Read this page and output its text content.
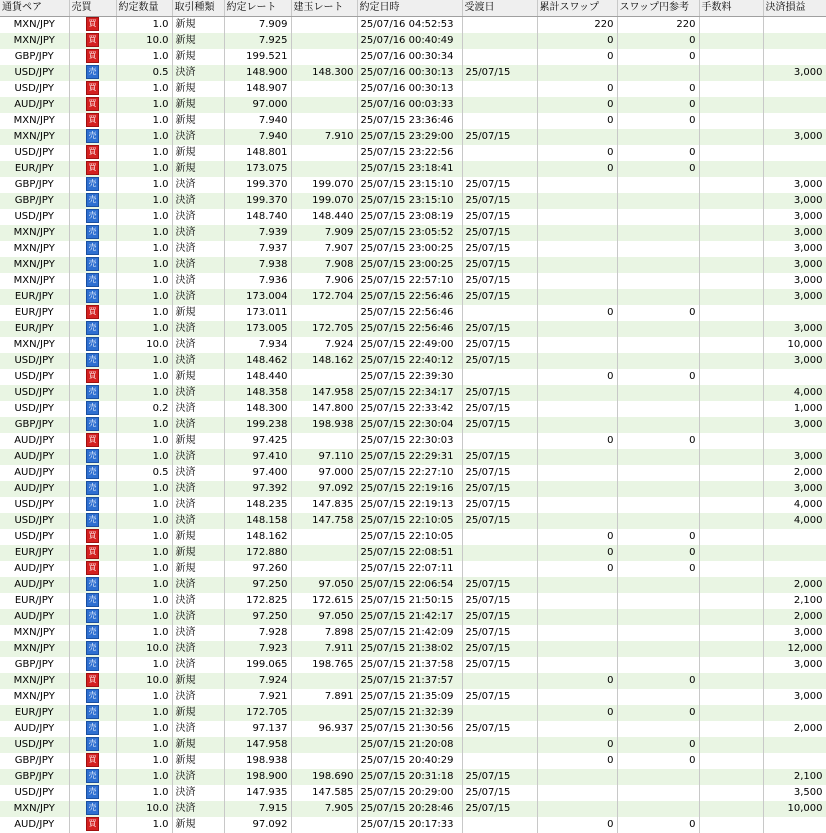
通貨ペア	売買	約定数量	取引種類	約定レート	建玉レート	約定日時	受渡日	累計スワップ	スワップ円参考	手数料	決済損益
MXN/JPY	買	1.0	新規	7.909		25/07/16 04:52:53		220	220		
MXN/JPY	買	10.0	新規	7.925		25/07/16 00:40:49		0	0		
GBP/JPY	買	1.0	新規	199.521		25/07/16 00:30:34		0	0		
USD/JPY	売	0.5	決済	148.900	148.300	25/07/16 00:30:13	25/07/15				3,000
USD/JPY	買	1.0	新規	148.907		25/07/16 00:30:13		0	0		
AUD/JPY	買	1.0	新規	97.000		25/07/16 00:03:33		0	0		
MXN/JPY	買	1.0	新規	7.940		25/07/15 23:36:46		0	0		
MXN/JPY	売	1.0	決済	7.940	7.910	25/07/15 23:29:00	25/07/15				3,000
USD/JPY	買	1.0	新規	148.801		25/07/15 23:22:56		0	0		
EUR/JPY	買	1.0	新規	173.075		25/07/15 23:18:41		0	0		
GBP/JPY	売	1.0	決済	199.370	199.070	25/07/15 23:15:10	25/07/15				3,000
GBP/JPY	売	1.0	決済	199.370	199.070	25/07/15 23:15:10	25/07/15				3,000
USD/JPY	売	1.0	決済	148.740	148.440	25/07/15 23:08:19	25/07/15				3,000
MXN/JPY	売	1.0	決済	7.939	7.909	25/07/15 23:05:52	25/07/15				3,000
MXN/JPY	売	1.0	決済	7.937	7.907	25/07/15 23:00:25	25/07/15				3,000
MXN/JPY	売	1.0	決済	7.938	7.908	25/07/15 23:00:25	25/07/15				3,000
MXN/JPY	売	1.0	決済	7.936	7.906	25/07/15 22:57:10	25/07/15				3,000
EUR/JPY	売	1.0	決済	173.004	172.704	25/07/15 22:56:46	25/07/15				3,000
EUR/JPY	買	1.0	新規	173.011		25/07/15 22:56:46		0	0		
EUR/JPY	売	1.0	決済	173.005	172.705	25/07/15 22:56:46	25/07/15				3,000
MXN/JPY	売	10.0	決済	7.934	7.924	25/07/15 22:49:00	25/07/15				10,000
USD/JPY	売	1.0	決済	148.462	148.162	25/07/15 22:40:12	25/07/15				3,000
USD/JPY	買	1.0	新規	148.440		25/07/15 22:39:30		0	0		
USD/JPY	売	1.0	決済	148.358	147.958	25/07/15 22:34:17	25/07/15				4,000
USD/JPY	売	0.2	決済	148.300	147.800	25/07/15 22:33:42	25/07/15				1,000
GBP/JPY	売	1.0	決済	199.238	198.938	25/07/15 22:30:04	25/07/15				3,000
AUD/JPY	買	1.0	新規	97.425		25/07/15 22:30:03		0	0		
AUD/JPY	売	1.0	決済	97.410	97.110	25/07/15 22:29:31	25/07/15				3,000
AUD/JPY	売	0.5	決済	97.400	97.000	25/07/15 22:27:10	25/07/15				2,000
AUD/JPY	売	1.0	決済	97.392	97.092	25/07/15 22:19:16	25/07/15				3,000
USD/JPY	売	1.0	決済	148.235	147.835	25/07/15 22:19:13	25/07/15				4,000
USD/JPY	売	1.0	決済	148.158	147.758	25/07/15 22:10:05	25/07/15				4,000
USD/JPY	買	1.0	新規	148.162		25/07/15 22:10:05		0	0		
EUR/JPY	買	1.0	新規	172.880		25/07/15 22:08:51		0	0		
AUD/JPY	買	1.0	新規	97.260		25/07/15 22:07:11		0	0		
AUD/JPY	売	1.0	決済	97.250	97.050	25/07/15 22:06:54	25/07/15				2,000
EUR/JPY	売	1.0	決済	172.825	172.615	25/07/15 21:50:15	25/07/15				2,100
AUD/JPY	売	1.0	決済	97.250	97.050	25/07/15 21:42:17	25/07/15				2,000
MXN/JPY	売	1.0	決済	7.928	7.898	25/07/15 21:42:09	25/07/15				3,000
MXN/JPY	売	10.0	決済	7.923	7.911	25/07/15 21:38:02	25/07/15				12,000
GBP/JPY	売	1.0	決済	199.065	198.765	25/07/15 21:37:58	25/07/15				3,000
MXN/JPY	買	10.0	新規	7.924		25/07/15 21:37:57		0	0		
MXN/JPY	売	1.0	決済	7.921	7.891	25/07/15 21:35:09	25/07/15				3,000
EUR/JPY	売	1.0	新規	172.705		25/07/15 21:32:39		0	0		
AUD/JPY	売	1.0	決済	97.137	96.937	25/07/15 21:30:56	25/07/15				2,000
USD/JPY	売	1.0	新規	147.958		25/07/15 21:20:08		0	0		
GBP/JPY	買	1.0	新規	198.938		25/07/15 20:40:29		0	0		
GBP/JPY	売	1.0	決済	198.900	198.690	25/07/15 20:31:18	25/07/15				2,100
USD/JPY	売	1.0	決済	147.935	147.585	25/07/15 20:29:00	25/07/15				3,500
MXN/JPY	売	10.0	決済	7.915	7.905	25/07/15 20:28:46	25/07/15				10,000
AUD/JPY	買	1.0	新規	97.092		25/07/15 20:17:33		0	0		
